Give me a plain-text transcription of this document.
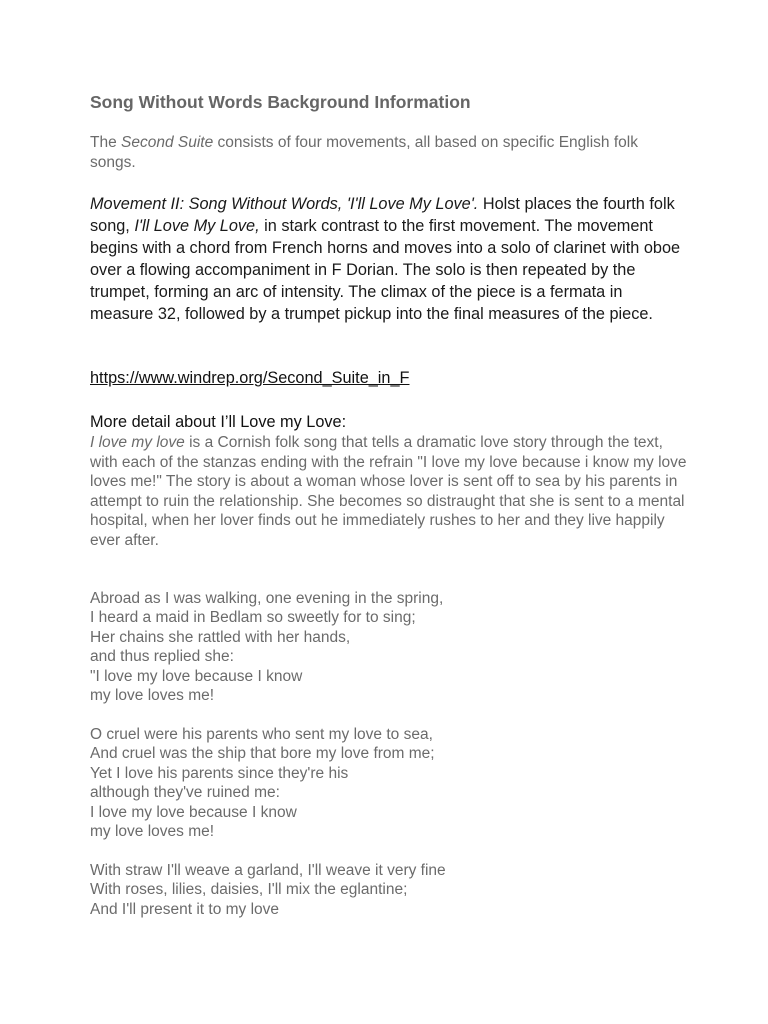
Song Without Words Background Information

The Second Suite consists of four movements, all based on specific English folk songs.

Movement II: Song Without Words, 'I'll Love My Love'. Holst places the fourth folk song, I'll Love My Love, in stark contrast to the first movement. The movement begins with a chord from French horns and moves into a solo of clarinet with oboe over a flowing accompaniment in F Dorian. The solo is then repeated by the trumpet, forming an arc of intensity. The climax of the piece is a fermata in measure 32, followed by a trumpet pickup into the final measures of the piece.

https://www.windrep.org/Second_Suite_in_F

More detail about I’ll Love my Love:

I love my love is a Cornish folk song that tells a dramatic love story through the text, with each of the stanzas ending with the refrain "I love my love because i know my love loves me!" The story is about a woman whose lover is sent off to sea by his parents in attempt to ruin the relationship. She becomes so distraught that she is sent to a mental hospital, when her lover finds out he immediately rushes to her and they live happily ever after.

Abroad as I was walking, one evening in the spring,
I heard a maid in Bedlam so sweetly for to sing;
Her chains she rattled with her hands,
and thus replied she:
"I love my love because I know
my love loves me!
O cruel were his parents who sent my love to sea,
And cruel was the ship that bore my love from me;
Yet I love his parents since they're his
although they've ruined me:
I love my love because I know
my love loves me!
With straw I'll weave a garland, I'll weave it very fine
With roses, lilies, daisies, I'll mix the eglantine;
And I'll present it to my love
